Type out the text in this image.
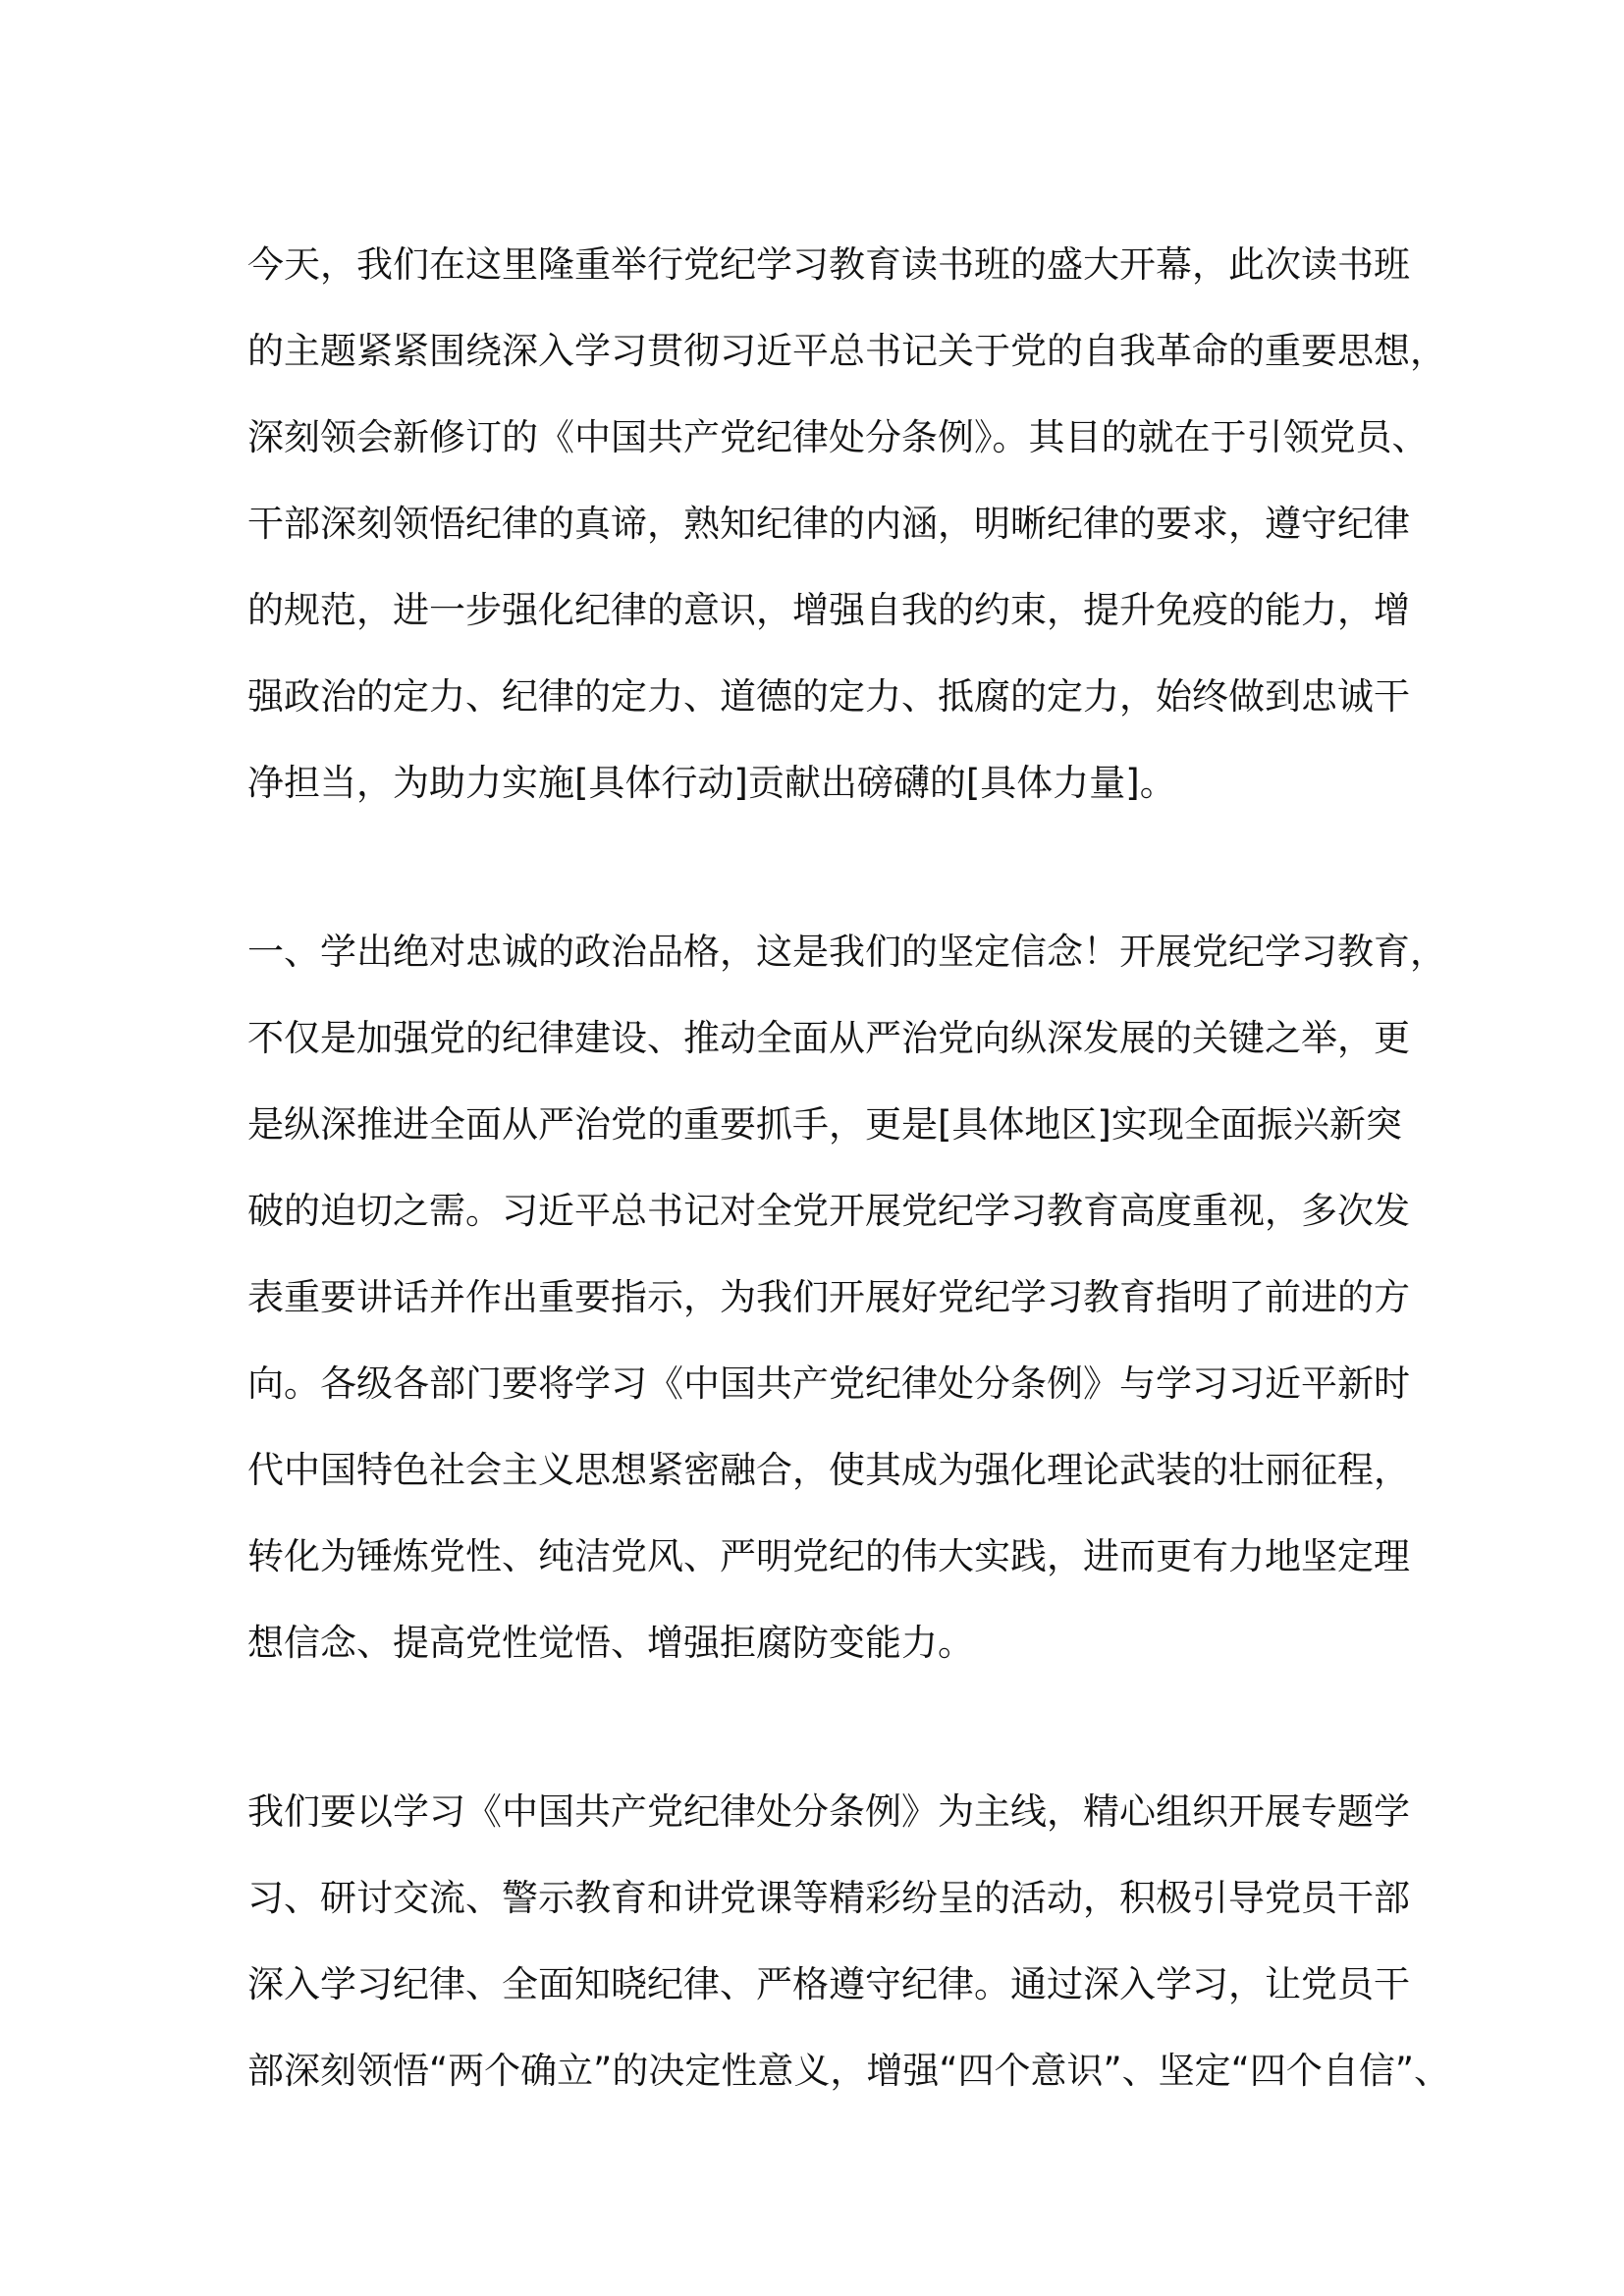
今天，我们在这里隆重举行党纪学习教育读书班的盛大开幕，此次读书班
的主题紧紧围绕深入学习贯彻习近平总书记关于党的自我革命的重要思想，
深刻领会新修订的《中国共产党纪律处分条例》。其目的就在于引领党员、
干部深刻领悟纪律的真谛，熟知纪律的内涵，明晰纪律的要求，遵守纪律
的规范，进一步强化纪律的意识，增强自我的约束，提升免疫的能力，增
强政治的定力、纪律的定力、道德的定力、抵腐的定力，始终做到忠诚干
净担当，为助力实施[具体行动]贡献出磅礴的[具体力量]。
一、学出绝对忠诚的政治品格，这是我们的坚定信念！开展党纪学习教育，
不仅是加强党的纪律建设、推动全面从严治党向纵深发展的关键之举，更
是纵深推进全面从严治党的重要抓手，更是[具体地区]实现全面振兴新突
破的迫切之需。习近平总书记对全党开展党纪学习教育高度重视，多次发
表重要讲话并作出重要指示，为我们开展好党纪学习教育指明了前进的方
向。各级各部门要将学习《中国共产党纪律处分条例》与学习习近平新时
代中国特色社会主义思想紧密融合，使其成为强化理论武装的壮丽征程，
转化为锤炼党性、纯洁党风、严明党纪的伟大实践，进而更有力地坚定理
想信念、提高党性觉悟、增强拒腐防变能力。
我们要以学习《中国共产党纪律处分条例》为主线，精心组织开展专题学
习、研讨交流、警示教育和讲党课等精彩纷呈的活动，积极引导党员干部
深入学习纪律、全面知晓纪律、严格遵守纪律。通过深入学习，让党员干
部深刻领悟“两个确立”的决定性意义，增强“四个意识”、坚定“四个自信”、
